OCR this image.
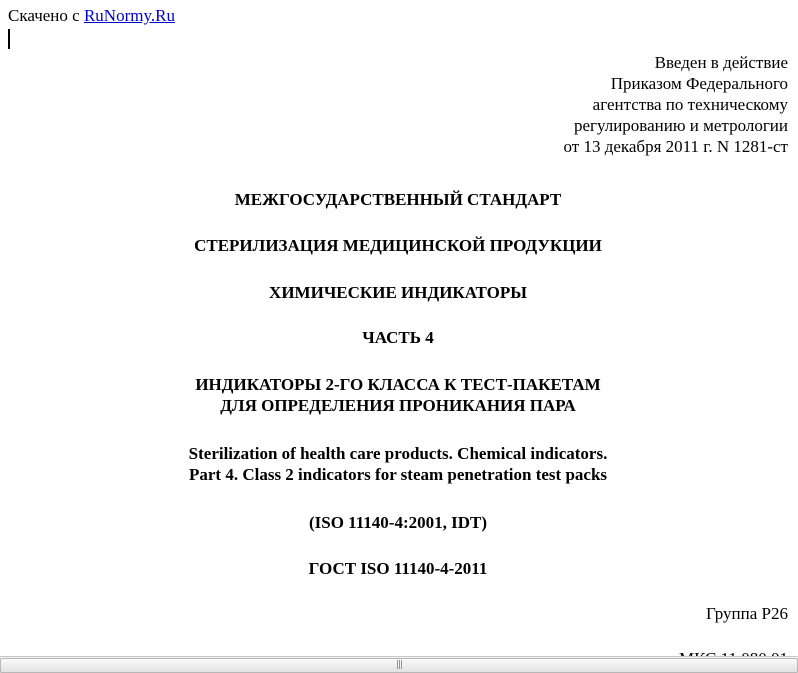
Скачено с RuNormy.Ru
Введен в действие
Приказом Федерального
агентства по техническому
регулированию и метрологии
от 13 декабря 2011 г. N 1281-ст
МЕЖГОСУДАРСТВЕННЫЙ СТАНДАРТ
СТЕРИЛИЗАЦИЯ МЕДИЦИНСКОЙ ПРОДУКЦИИ
ХИМИЧЕСКИЕ ИНДИКАТОРЫ
ЧАСТЬ 4
ИНДИКАТОРЫ 2-ГО КЛАССА К ТЕСТ-ПАКЕТАМ
ДЛЯ ОПРЕДЕЛЕНИЯ ПРОНИКАНИЯ ПАРА
Sterilization of health care products. Chemical indicators.
Part 4. Class 2 indicators for steam penetration test packs
(ISO 11140-4:2001, IDT)
ГОСТ ISO 11140-4-2011
Группа Р26
|||
